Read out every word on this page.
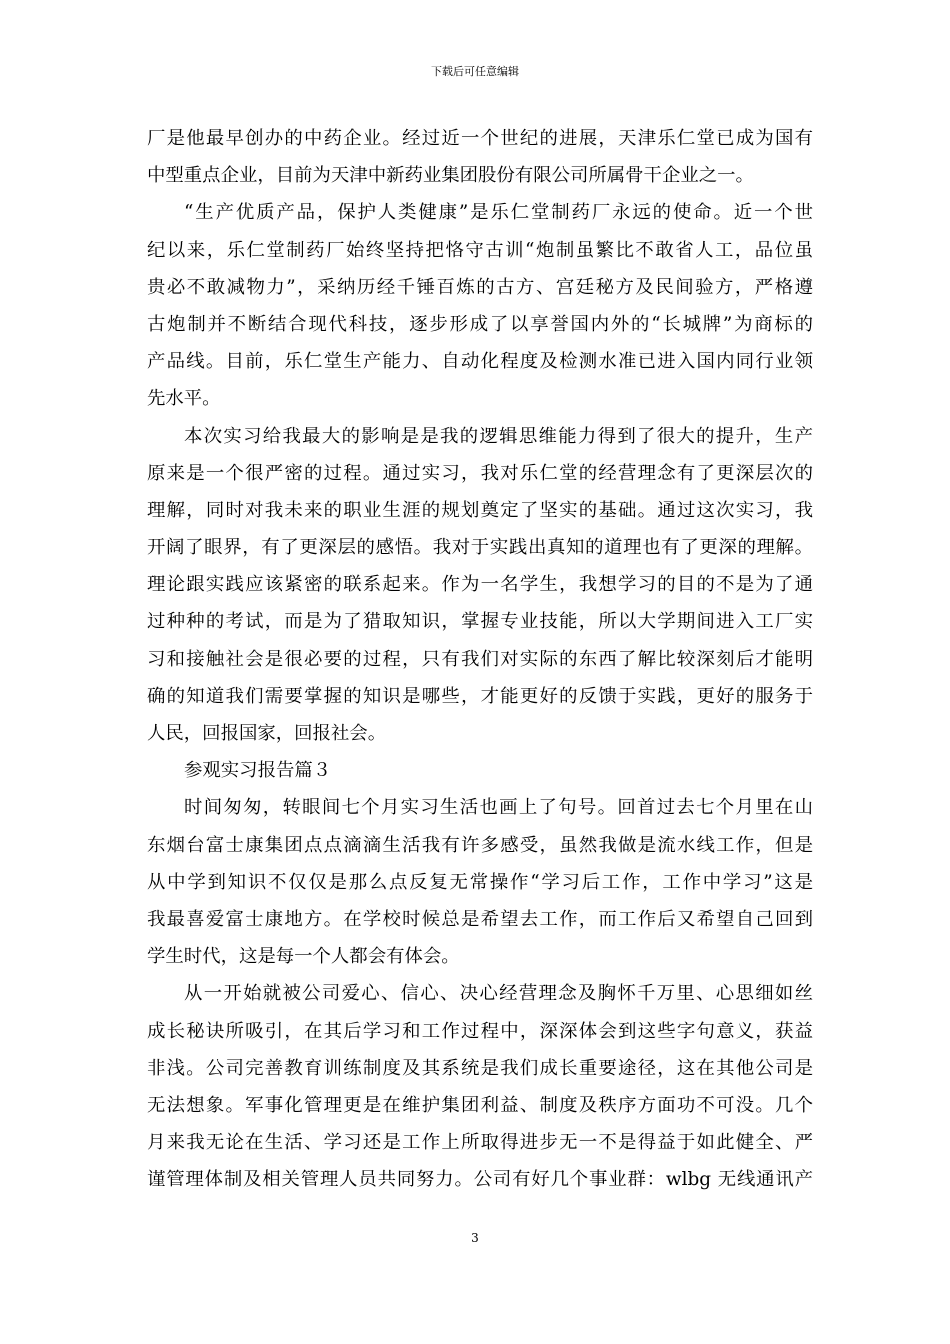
下载后可任意编辑
厂是他最早创办的中药企业。经过近一个世纪的进展，天津乐仁堂已成为国有
中型重点企业，目前为天津中新药业集团股份有限公司所属骨干企业之一。
“生产优质产品，保护人类健康”是乐仁堂制药厂永远的使命。近一个世
纪以来，乐仁堂制药厂始终坚持把恪守古训“炮制虽繁比不敢省人工，品位虽
贵必不敢减物力”，采纳历经千锤百炼的古方、宫廷秘方及民间验方，严格遵
古炮制并不断结合现代科技，逐步形成了以享誉国内外的“长城牌”为商标的
产品线。目前，乐仁堂生产能力、自动化程度及检测水准已进入国内同行业领
先水平。
本次实习给我最大的影响是是我的逻辑思维能力得到了很大的提升，生产
原来是一个很严密的过程。通过实习，我对乐仁堂的经营理念有了更深层次的
理解，同时对我未来的职业生涯的规划奠定了坚实的基础。通过这次实习，我
开阔了眼界，有了更深层的感悟。我对于实践出真知的道理也有了更深的理解。
理论跟实践应该紧密的联系起来。作为一名学生，我想学习的目的不是为了通
过种种的考试，而是为了猎取知识，掌握专业技能，所以大学期间进入工厂实
习和接触社会是很必要的过程，只有我们对实际的东西了解比较深刻后才能明
确的知道我们需要掌握的知识是哪些，才能更好的反馈于实践，更好的服务于
人民，回报国家，回报社会。
参观实习报告篇３
时间匆匆，转眼间七个月实习生活也画上了句号。回首过去七个月里在山
东烟台富士康集团点点滴滴生活我有许多感受，虽然我做是流水线工作，但是
从中学到知识不仅仅是那么点反复无常操作“学习后工作，工作中学习”这是
我最喜爱富士康地方。在学校时候总是希望去工作，而工作后又希望自己回到
学生时代，这是每一个人都会有体会。
从一开始就被公司爱心、信心、决心经营理念及胸怀千万里、心思细如丝
成长秘诀所吸引，在其后学习和工作过程中，深深体会到这些字句意义，获益
非浅。公司完善教育训练制度及其系统是我们成长重要途径，这在其他公司是
无法想象。军事化管理更是在维护集团利益、制度及秩序方面功不可没。几个
月来我无论在生活、学习还是工作上所取得进步无一不是得益于如此健全、严
谨管理体制及相关管理人员共同努力。公司有好几个事业群：wlbg 无线通讯产
3
